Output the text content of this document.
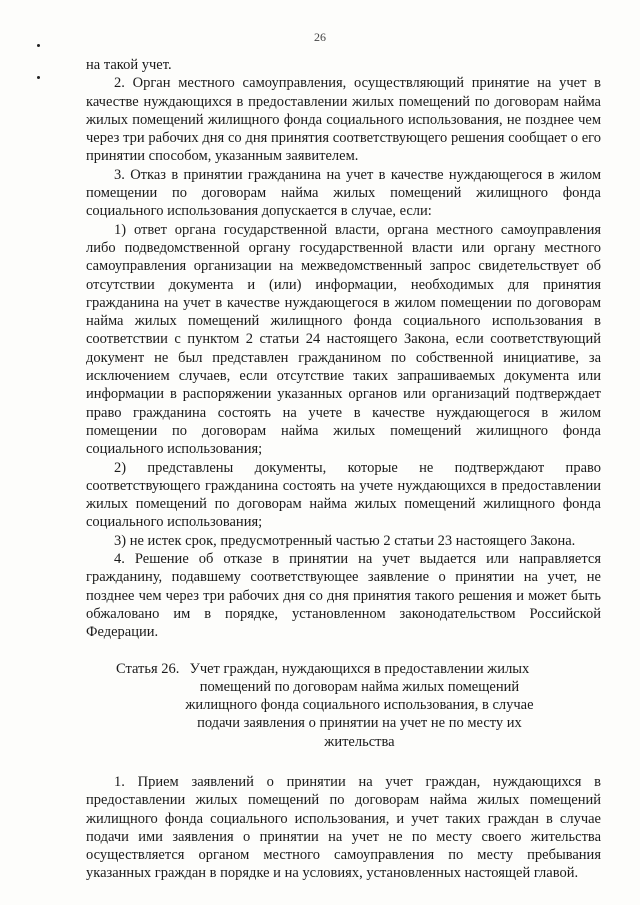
26

на такой учет.

2. Орган местного самоуправления, осуществляющий принятие на учет в качестве нуждающихся в предоставлении жилых помещений по договорам найма жилых помещений жилищного фонда социального использования, не позднее чем через три рабочих дня со дня принятия соответствующего решения сообщает о его принятии способом, указанным заявителем.

3. Отказ в принятии гражданина на учет в качестве нуждающегося в жилом помещении по договорам найма жилых помещений жилищного фонда социального использования допускается в случае, если:

1) ответ органа государственной власти, органа местного самоуправления либо подведомственной органу государственной власти или органу местного самоуправления организации на межведомственный запрос свидетельствует об отсутствии документа и (или) информации, необходимых для принятия гражданина на учет в качестве нуждающегося в жилом помещении по договорам найма жилых помещений жилищного фонда социального использования в соответствии с пунктом 2 статьи 24 настоящего Закона, если соответствующий документ не был представлен гражданином по собственной инициативе, за исключением случаев, если отсутствие таких запрашиваемых документа или информации в распоряжении указанных органов или организаций подтверждает право гражданина состоять на учете в качестве нуждающегося в жилом помещении по договорам найма жилых помещений жилищного фонда социального использования;

2) представлены документы, которые не подтверждают право соответствующего гражданина состоять на учете нуждающихся в предоставлении жилых помещений по договорам найма жилых помещений жилищного фонда социального использования;

3) не истек срок, предусмотренный частью 2 статьи 23 настоящего Закона.

4. Решение об отказе в принятии на учет выдается или направляется гражданину, подавшему соответствующее заявление о принятии на учет, не позднее чем через три рабочих дня со дня принятия такого решения и может быть обжаловано им в порядке, установленном законодательством Российской Федерации.

Статья 26. Учет граждан, нуждающихся в предоставлении жилых помещений по договорам найма жилых помещений жилищного фонда социального использования, в случае подачи заявления о принятии на учет не по месту их жительства

1. Прием заявлений о принятии на учет граждан, нуждающихся в предоставлении жилых помещений по договорам найма жилых помещений жилищного фонда социального использования, и учет таких граждан в случае подачи ими заявления о принятии на учет не по месту своего жительства осуществляется органом местного самоуправления по месту пребывания указанных граждан в порядке и на условиях, установленных настоящей главой.
